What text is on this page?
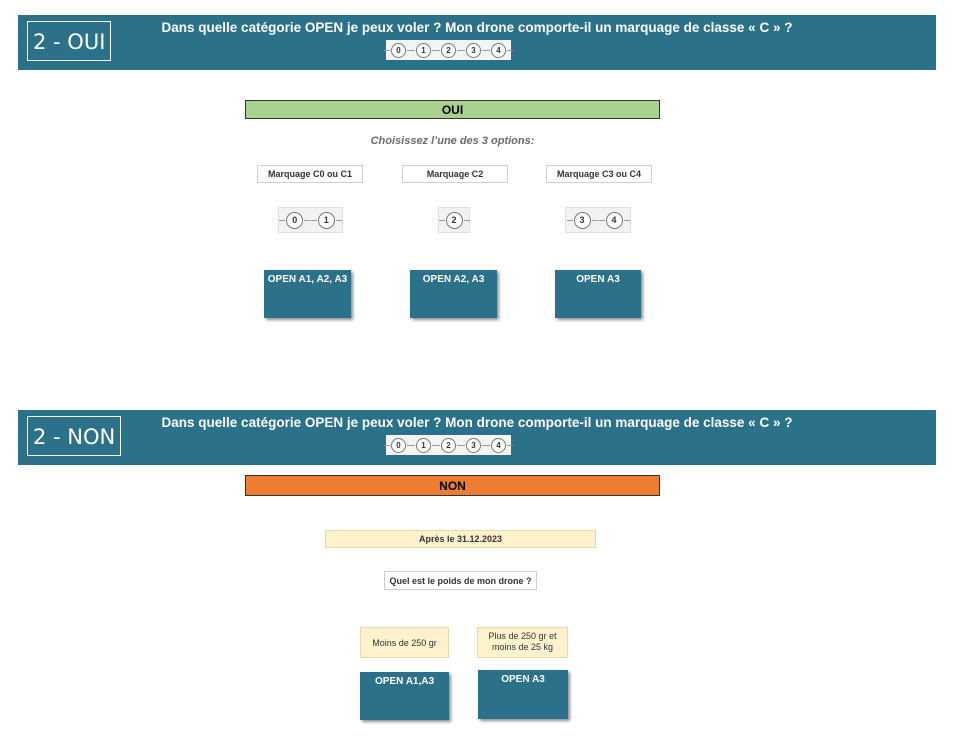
2 - OUI
Dans quelle catégorie OPEN je peux voler ? Mon drone comporte-il un marquage de classe « C » ?
0	1	2	3	4
OUI
Choisissez l’une des 3 options:
Marquage C0 ou C1	Marquage C2	Marquage C3 ou C4
0	1	2	3	4
OPEN A1, A2, A3	OPEN A2, A3	OPEN A3
2 - NON
Dans quelle catégorie OPEN je peux voler ? Mon drone comporte-il un marquage de classe « C » ?
0	1	2	3	4
NON
Après le 31.12.2023
Quel est le poids de mon drone ?
Moins de 250 gr
Plus de 250 gr et
moins de 25 kg
OPEN A1,A3	OPEN A3
